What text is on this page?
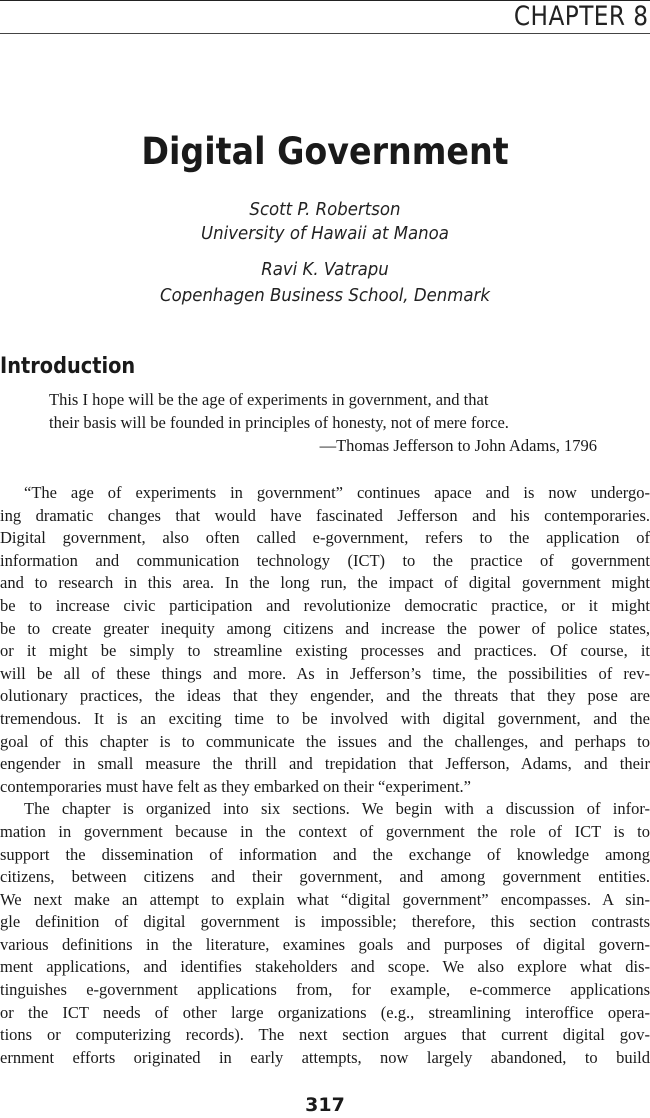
CHAPTER 8
Digital Government
Scott P. Robertson
University of Hawaii at Manoa
Ravi K. Vatrapu
Copenhagen Business School, Denmark
Introduction
This I hope will be the age of experiments in government, and that
their basis will be founded in principles of honesty, not of mere force.
—Thomas Jefferson to John Adams, 1796
“The age of experiments in government” continues apace and is now undergo-
ing dramatic changes that would have fascinated Jefferson and his contemporaries.
Digital government, also often called e-government, refers to the application of
information and communication technology (ICT) to the practice of government
and to research in this area. In the long run, the impact of digital government might
be to increase civic participation and revolutionize democratic practice, or it might
be to create greater inequity among citizens and increase the power of police states,
or it might be simply to streamline existing processes and practices. Of course, it
will be all of these things and more. As in Jefferson’s time, the possibilities of rev-
olutionary practices, the ideas that they engender, and the threats that they pose are
tremendous. It is an exciting time to be involved with digital government, and the
goal of this chapter is to communicate the issues and the challenges, and perhaps to
engender in small measure the thrill and trepidation that Jefferson, Adams, and their
contemporaries must have felt as they embarked on their “experiment.”
The chapter is organized into six sections. We begin with a discussion of infor-
mation in government because in the context of government the role of ICT is to
support the dissemination of information and the exchange of knowledge among
citizens, between citizens and their government, and among government entities.
We next make an attempt to explain what “digital government” encompasses. A sin-
gle definition of digital government is impossible; therefore, this section contrasts
various definitions in the literature, examines goals and purposes of digital govern-
ment applications, and identifies stakeholders and scope. We also explore what dis-
tinguishes e-government applications from, for example, e-commerce applications
or the ICT needs of other large organizations (e.g., streamlining interoffice opera-
tions or computerizing records). The next section argues that current digital gov-
ernment efforts originated in early attempts, now largely abandoned, to build
317
